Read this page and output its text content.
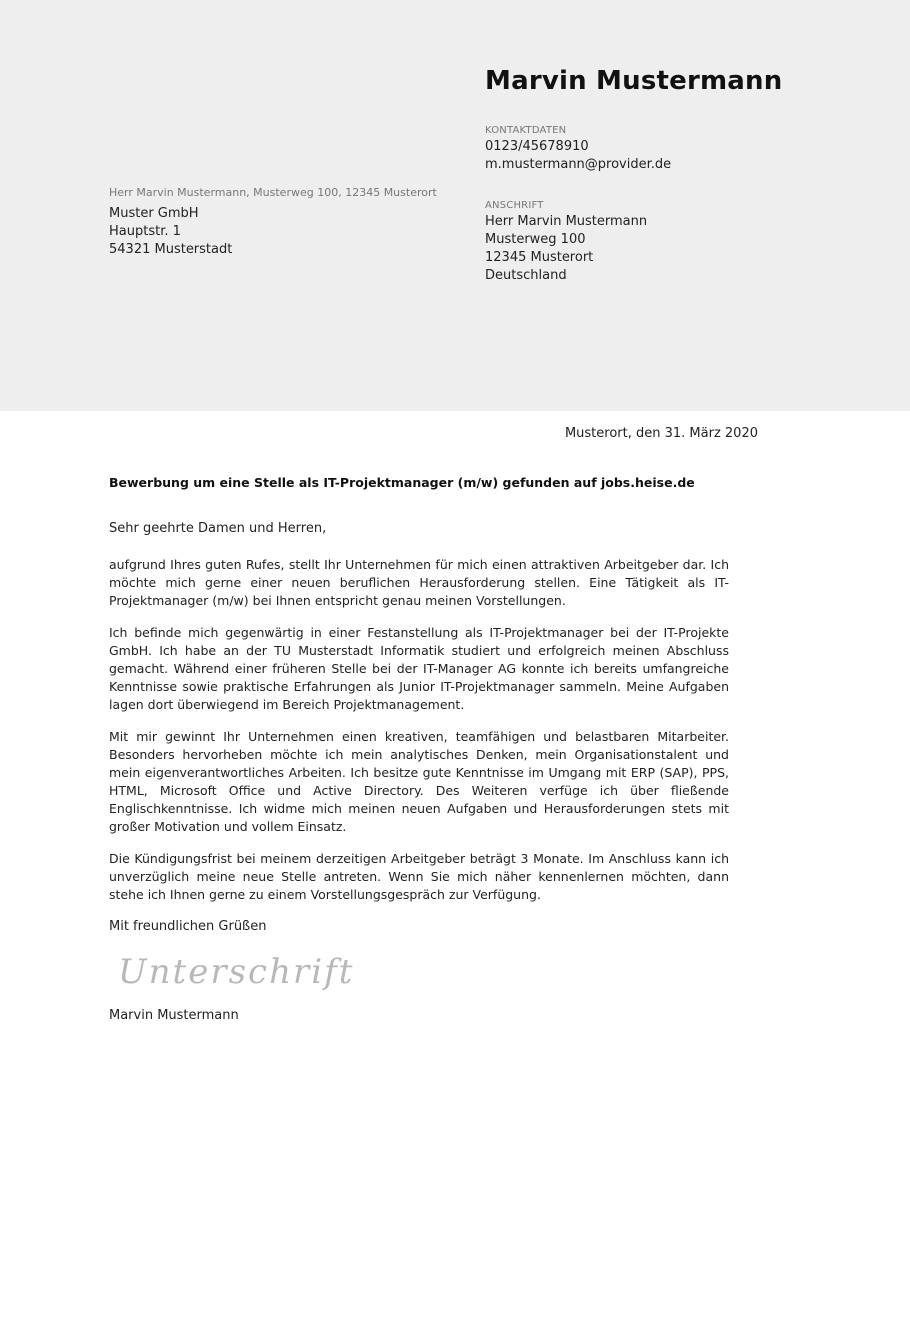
Marvin Mustermann
KONTAKTDATEN
0123/45678910
m.mustermann@provider.de
ANSCHRIFT
Herr Marvin Mustermann
Musterweg 100
12345 Musterort
Deutschland
Herr Marvin Mustermann, Musterweg 100, 12345 Musterort
Muster GmbH
Hauptstr. 1
54321 Musterstadt
Musterort, den 31. März 2020
Bewerbung um eine Stelle als IT-Projektmanager (m/w) gefunden auf jobs.heise.de
Sehr geehrte Damen und Herren,
aufgrund Ihres guten Rufes, stellt Ihr Unternehmen für mich einen attraktiven Arbeitgeber dar. Ich möchte mich gerne einer neuen beruflichen Herausforderung stellen. Eine Tätigkeit als IT-Projektmanager (m/w) bei Ihnen entspricht genau meinen Vorstellungen.
Ich befinde mich gegenwärtig in einer Festanstellung als IT-Projektmanager bei der IT-Projekte GmbH. Ich habe an der TU Musterstadt Informatik studiert und erfolgreich meinen Abschluss gemacht. Während einer früheren Stelle bei der IT-Manager AG konnte ich bereits umfangreiche Kenntnisse sowie praktische Erfahrungen als Junior IT-Projektmanager sammeln. Meine Aufgaben lagen dort überwiegend im Bereich Projektmanagement.
Mit mir gewinnt Ihr Unternehmen einen kreativen, teamfähigen und belastbaren Mitarbeiter. Besonders hervorheben möchte ich mein analytisches Denken, mein Organisationstalent und mein eigenverantwortliches Arbeiten. Ich besitze gute Kenntnisse im Umgang mit ERP (SAP), PPS, HTML, Microsoft Office und Active Directory. Des Weiteren verfüge ich über fließende Englischkenntnisse. Ich widme mich meinen neuen Aufgaben und Herausforderungen stets mit großer Motivation und vollem Einsatz.
Die Kündigungsfrist bei meinem derzeitigen Arbeitgeber beträgt 3 Monate. Im Anschluss kann ich unverzüglich meine neue Stelle antreten. Wenn Sie mich näher kennenlernen möchten, dann stehe ich Ihnen gerne zu einem Vorstellungsgespräch zur Verfügung.
Mit freundlichen Grüßen
Unterschrift
Marvin Mustermann
